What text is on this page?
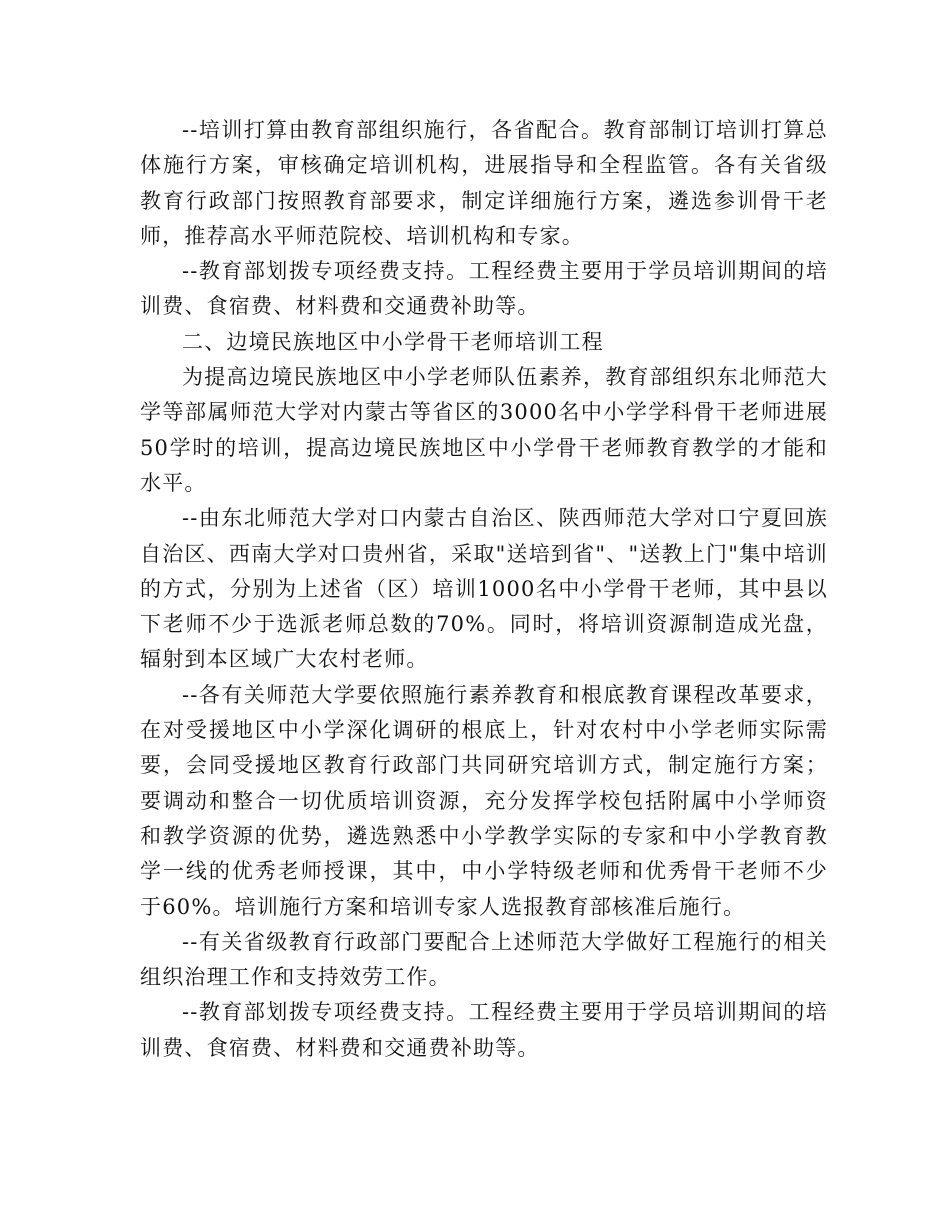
--培训打算由教育部组织施行，各省配合。教育部制订培训打算总体施行方案，审核确定培训机构，进展指导和全程监管。各有关省级教育行政部门按照教育部要求，制定详细施行方案，遴选参训骨干老师，推荐高水平师范院校、培训机构和专家。

--教育部划拨专项经费支持。工程经费主要用于学员培训期间的培训费、食宿费、材料费和交通费补助等。

二、边境民族地区中小学骨干老师培训工程

为提高边境民族地区中小学老师队伍素养，教育部组织东北师范大学等部属师范大学对内蒙古等省区的3000名中小学学科骨干老师进展50学时的培训，提高边境民族地区中小学骨干老师教育教学的才能和水平。

--由东北师范大学对口内蒙古自治区、陕西师范大学对口宁夏回族自治区、西南大学对口贵州省，采取"送培到省"、"送教上门"集中培训的方式，分别为上述省（区）培训1000名中小学骨干老师，其中县以下老师不少于选派老师总数的70%。同时，将培训资源制造成光盘，辐射到本区域广大农村老师。

--各有关师范大学要依照施行素养教育和根底教育课程改革要求，在对受援地区中小学深化调研的根底上，针对农村中小学老师实际需要，会同受援地区教育行政部门共同研究培训方式，制定施行方案；要调动和整合一切优质培训资源，充分发挥学校包括附属中小学师资和教学资源的优势，遴选熟悉中小学教学实际的专家和中小学教育教学一线的优秀老师授课，其中，中小学特级老师和优秀骨干老师不少于60%。培训施行方案和培训专家人选报教育部核准后施行。

--有关省级教育行政部门要配合上述师范大学做好工程施行的相关组织治理工作和支持效劳工作。

--教育部划拨专项经费支持。工程经费主要用于学员培训期间的培训费、食宿费、材料费和交通费补助等。
